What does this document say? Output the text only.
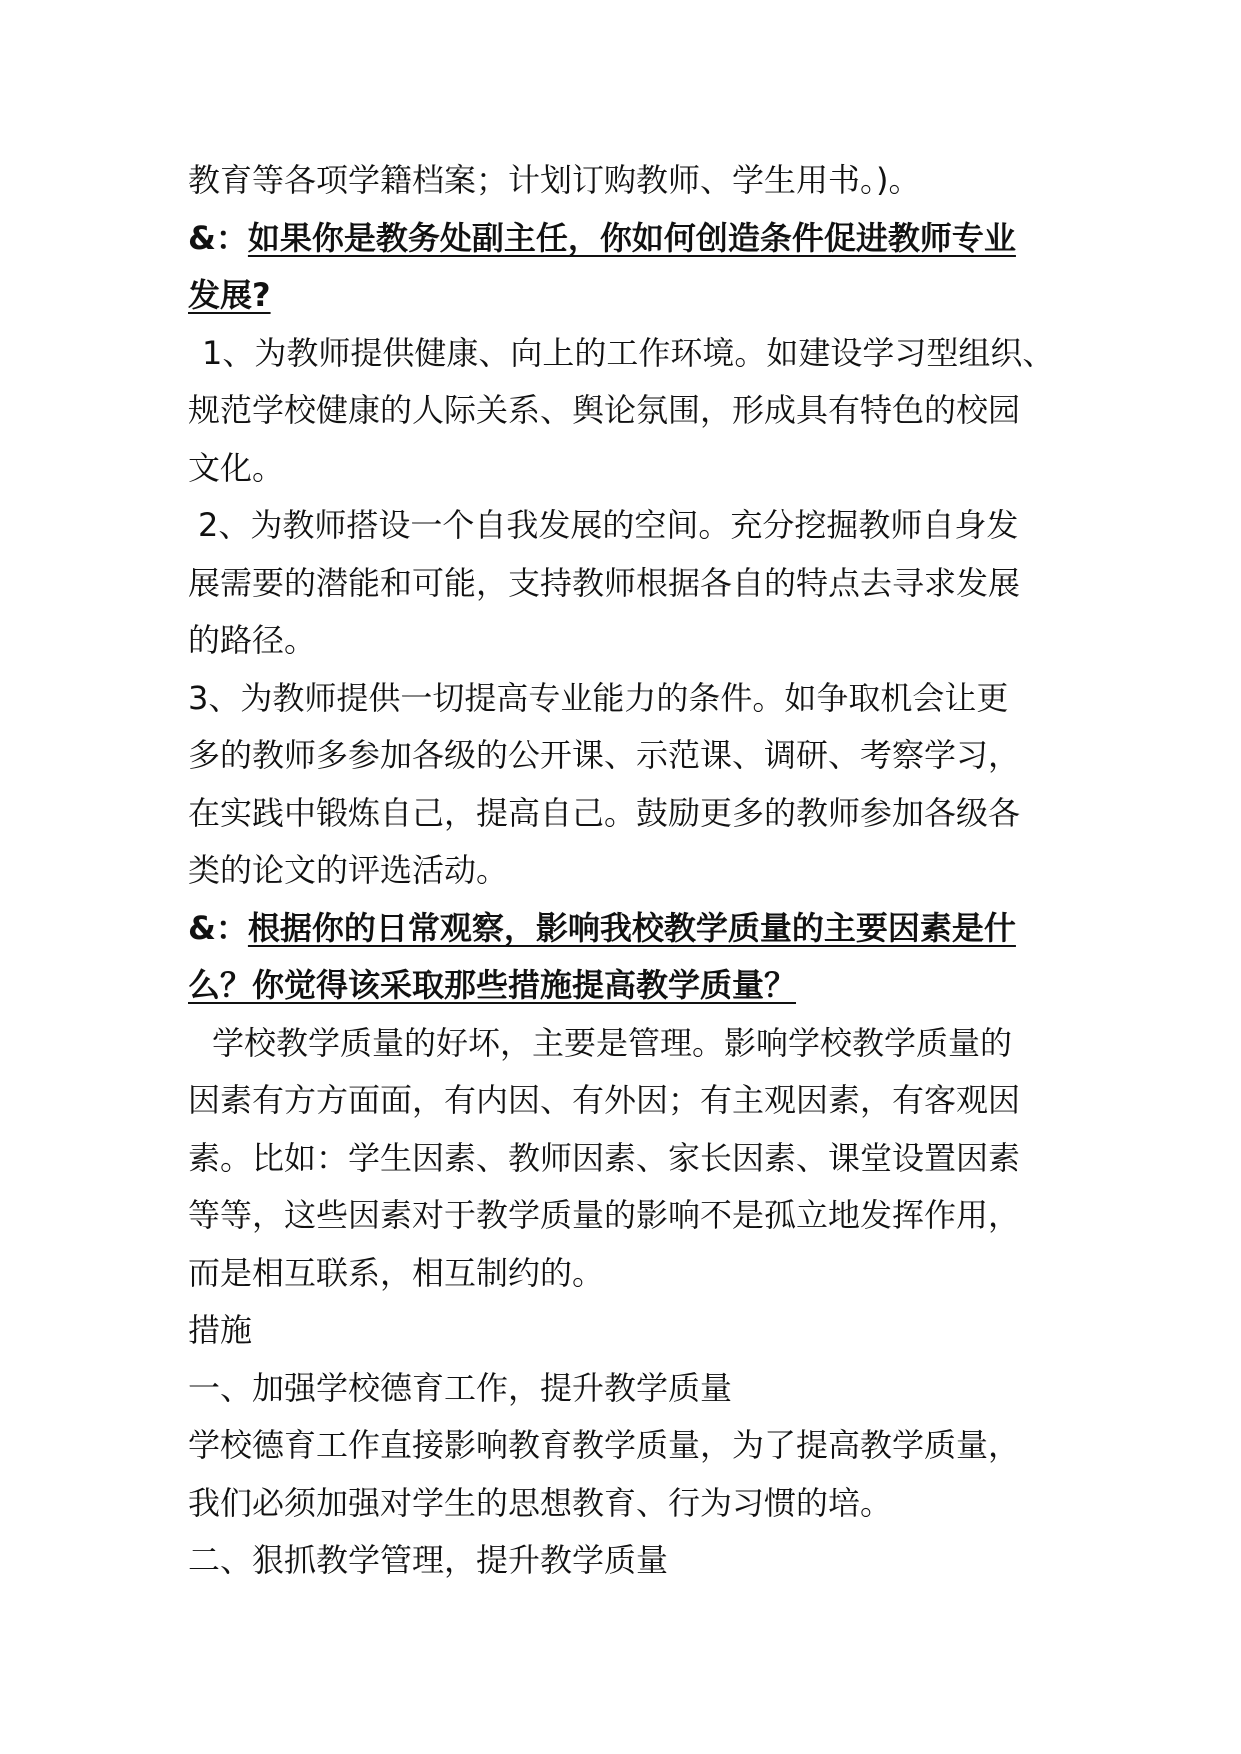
教育等各项学籍档案；计划订购教师、学生用书。)。
&：如果你是教务处副主任，你如何创造条件促进教师专业
发展?
1、为教师提供健康、向上的工作环境。如建设学习型组织、
规范学校健康的人际关系、舆论氛围，形成具有特色的校园
文化。
2、为教师搭设一个自我发展的空间。充分挖掘教师自身发
展需要的潜能和可能，支持教师根据各自的特点去寻求发展
的路径。
3、为教师提供一切提高专业能力的条件。如争取机会让更
多的教师多参加各级的公开课、示范课、调研、考察学习，
在实践中锻炼自己，提高自己。鼓励更多的教师参加各级各
类的论文的评选活动。
&：根据你的日常观察，影响我校教学质量的主要因素是什
么？你觉得该采取那些措施提高教学质量？
学校教学质量的好坏，主要是管理。影响学校教学质量的
因素有方方面面，有内因、有外因；有主观因素，有客观因
素。比如：学生因素、教师因素、家长因素、课堂设置因素
等等，这些因素对于教学质量的影响不是孤立地发挥作用，
而是相互联系，相互制约的。
措施
一、加强学校德育工作，提升教学质量
学校德育工作直接影响教育教学质量，为了提高教学质量，
我们必须加强对学生的思想教育、行为习惯的培。
二、狠抓教学管理，提升教学质量
